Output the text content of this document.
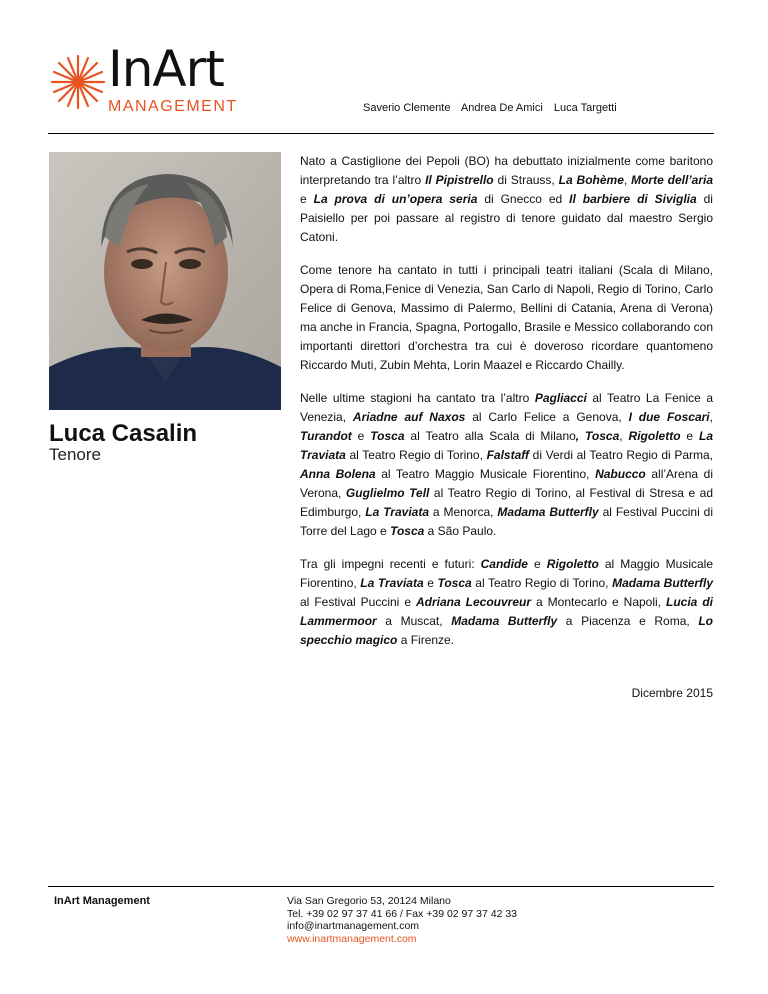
InArt
MANAGEMENT	Saverio Clemente Andrea De Amici Luca Targetti
Luca Casalin
Tenore

Nato a Castiglione dei Pepoli (BO) ha debuttato inizialmente come baritono interpretando tra l’altro Il Pipistrello di Strauss, La Bohème, Morte dell’aria e La prova di un’opera seria di Gnecco ed Il barbiere di Siviglia di Paisiello per poi passare al registro di tenore guidato dal maestro Sergio Catoni.

Come tenore ha cantato in tutti i principali teatri italiani (Scala di Milano, Opera di Roma,Fenice di Venezia, San Carlo di Napoli, Regio di Torino, Carlo Felice di Genova, Massimo di Palermo, Bellini di Catania, Arena di Verona) ma anche in Francia, Spagna, Portogallo, Brasile e Messico collaborando con importanti direttori d’orchestra tra cui è doveroso ricordare quantomeno Riccardo Muti, Zubin Mehta, Lorin Maazel e Riccardo Chailly.

Nelle ultime stagioni ha cantato tra l’altro Pagliacci al Teatro La Fenice a Venezia, Ariadne auf Naxos al Carlo Felice a Genova, I due Foscari, Turandot e Tosca al Teatro alla Scala di Milano, Tosca, Rigoletto e La Traviata al Teatro Regio di Torino, Falstaff di Verdi al Teatro Regio di Parma, Anna Bolena al Teatro Maggio Musicale Fiorentino, Nabucco all’Arena di Verona, Guglielmo Tell al Teatro Regio di Torino, al Festival di Stresa e ad Edimburgo, La Traviata a Menorca, Madama Butterfly al Festival Puccini di Torre del Lago e Tosca a São Paulo.

Tra gli impegni recenti e futuri: Candide e Rigoletto al Maggio Musicale Fiorentino, La Traviata e Tosca al Teatro Regio di Torino, Madama Butterfly al Festival Puccini e Adriana Lecouvreur a Montecarlo e Napoli, Lucia di Lammermoor a Muscat, Madama Butterfly a Piacenza e Roma, Lo specchio magico a Firenze.

Dicembre 2015
InArt Management	Via San Gregorio 53, 20124 Milano
Tel. +39 02 97 37 41 66 / Fax +39 02 97 37 42 33
info@inartmanagement.com
www.inartmanagement.com
